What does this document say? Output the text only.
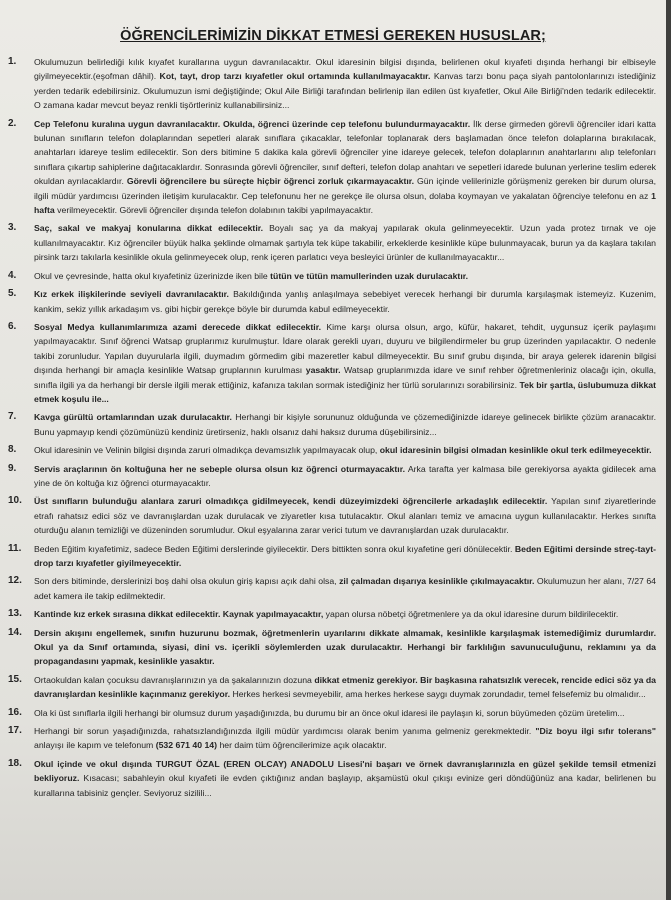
ÖĞRENCİLERİMİZİN DİKKAT ETMESİ GEREKEN HUSUSLAR;
1.	Okulumuzun belirlediği kılık kıyafet kurallarına uygun davranılacaktır. Okul idaresinin bilgisi dışında, belirlenen okul kıyafeti dışında herhangi bir elbiseyle giyilmeyecektir.(eşofman dâhil). Kot, tayt, drop tarzı kıyafetler okul ortamında kullanılmayacaktır. Kanvas tarzı bonu paça siyah pantolonlarınızı istediğiniz yerden tedarik edebilirsiniz. Okulumuzun ismi değiştiğinde; Okul Aile Birliği tarafından belirlenip ilan edilen üst kıyafetler, Okul Aile Birliği'nden tedarik edilecektir. O zamana kadar mevcut beyaz renkli tişörtleriniz kullanabilirsiniz...
2.	Cep Telefonu kuralına uygun davranılacaktır. Okulda, öğrenci üzerinde cep telefonu bulundurmayacaktır. İlk derse girmeden görevli öğrenciler idari katta bulunan sınıfların telefon dolaplarından sepetleri alarak sınıflara çıkacaklar, telefonlar toplanarak ders başlamadan önce telefon dolaplarına bırakılacak, anahtarları idareye teslim edilecektir. Son ders bitimine 5 dakika kala görevli öğrenciler yine idareye gelecek, telefon dolaplarının anahtarlarını alıp telefonları sınıflara çıkartıp sahiplerine dağıtacaklardır. Sonrasında görevli öğrenciler, sınıf defteri, telefon dolap anahtarı ve sepetleri idarede bulunan yerlerine teslim ederek okuldan ayrılacaklardır. Görevli öğrencilere bu süreçte hiçbir öğrenci zorluk çıkarmayacaktır. Gün içinde velilerinizle görüşmeniz gereken bir durum olursa, ilgili müdür yardımcısı üzerinden iletişim kurulacaktır. Cep telefonunu her ne gerekçe ile olursa olsun, dolaba koymayan ve yakalatan öğrenciye telefonu en az 1 hafta verilmeyecektir. Görevli öğrenciler dışında telefon dolabının takibi yapılmayacaktır.
3.	Saç, sakal ve makyaj konularına dikkat edilecektir. Boyalı saç ya da makyaj yapılarak okula gelinmeyecektir. Uzun yada protez tırnak ve oje kullanılmayacaktır. Kız öğrenciler büyük halka şeklinde olmamak şartıyla tek küpe takabilir, erkeklerde kesinlikle küpe bulunmayacak, burun ya da kaşlara takılan pirsink tarzı takılarla kesinlikle okula gelinmeyecek olup, renk içeren parlatıcı veya besleyici ürünler de kullanılmayacaktır...
4.	Okul ve çevresinde, hatta okul kıyafetiniz üzerinizde iken bile tütün ve tütün mamullerinden uzak durulacaktır.
5.	Kız erkek ilişkilerinde seviyeli davranılacaktır. Bakıldığında yanlış anlaşılmaya sebebiyet verecek herhangi bir durumla karşılaşmak istemeyiz. Kuzenim, kankim, sekiz yıllık arkadaşım vs. gibi hiçbir gerekçe böyle bir durumda kabul edilmeyecektir.
6.	Sosyal Medya kullanımlarımıza azami derecede dikkat edilecektir. Kime karşı olursa olsun, argo, küfür, hakaret, tehdit, uygunsuz içerik paylaşımı yapılmayacaktır. Sınıf öğrenci Watsap gruplarımız kurulmuştur. İdare olarak gerekli uyarı, duyuru ve bilgilendirmeler bu grup üzerinden yapılacaktır. O nedenle takibi zorunludur. Yapılan duyurularla ilgili, duymadım görmedim gibi mazeretler kabul dilmeyecektir. Bu sınıf grubu dışında, bir araya gelerek idarenin bilgisi dışında herhangi bir amaçla kesinlikle Watsap gruplarının kurulması yasaktır. Watsap gruplarımızda idare ve sınıf rehber öğretmenleriniz olacağı için, okulla, sınıfla ilgili ya da herhangi bir dersle ilgili merak ettiğiniz, kafanıza takılan sormak istediğiniz her türlü sorularınızı sorabilirsiniz. Tek bir şartla, üslubumuza dikkat etmek koşulu ile...
7.	Kavga gürültü ortamlarından uzak durulacaktır. Herhangi bir kişiyle sorununuz olduğunda ve çözemediğinizde idareye gelinecek birlikte çözüm aranacaktır. Bunu yapmayıp kendi çözümünüzü kendiniz üretirseniz, haklı olsanız dahi haksız duruma düşebilirsiniz...
8.	Okul idaresinin ve Velinin bilgisi dışında zaruri olmadıkça devamsızlık yapılmayacak olup, okul idaresinin bilgisi olmadan kesinlikle okul terk edilmeyecektir.
9.	Servis araçlarının ön koltuğuna her ne sebeple olursa olsun kız öğrenci oturmayacaktır. Arka tarafta yer kalmasa bile gerekiyorsa ayakta gidilecek ama yine de ön koltuğa kız öğrenci oturmayacaktır.
10.	Üst sınıfların bulunduğu alanlara zaruri olmadıkça gidilmeyecek, kendi düzeyimizdeki öğrencilerle arkadaşlık edilecektir. Yapılan sınıf ziyaretlerinde etrafı rahatsız edici söz ve davranışlardan uzak durulacak ve ziyaretler kısa tutulacaktır. Okul alanları temiz ve amacına uygun kullanılacaktır. Herkes sınıfta oturduğu alanın temizliği ve düzeninden sorumludur. Okul eşyalarına zarar verici tutum ve davranışlardan uzak durulacaktır.
11.	Beden Eğitim kıyafetimiz, sadece Beden Eğitimi derslerinde giyilecektir. Ders bittikten sonra okul kıyafetine geri dönülecektir. Beden Eğitimi dersinde streç-tayt-drop tarzı kıyafetler giyilmeyecektir.
12.	Son ders bitiminde, derslerinizi boş dahi olsa okulun giriş kapısı açık dahi olsa, zil çalmadan dışarıya kesinlikle çıkılmayacaktır. Okulumuzun her alanı, 7/27 64 adet kamera ile takip edilmektedir.
13.	Kantinde kız erkek sırasına dikkat edilecektir. Kaynak yapılmayacaktır, yapan olursa nöbetçi öğretmenlere ya da okul idaresine durum bildirilecektir.
14.	Dersin akışını engellemek, sınıfın huzurunu bozmak, öğretmenlerin uyarılarını dikkate almamak, kesinlikle karşılaşmak istemediğimiz durumlardır. Okul ya da Sınıf ortamında, siyasi, dini vs. içerikli söylemlerden uzak durulacaktır. Herhangi bir farklılığın savunuculuğunu, reklamını ya da propagandasını yapmak, kesinlikle yasaktır.
15.	Ortaokuldan kalan çocuksu davranışlarınızın ya da şakalarınızın dozuna dikkat etmeniz gerekiyor. Bir başkasına rahatsızlık verecek, rencide edici söz ya da davranışlardan kesinlikle kaçınmanız gerekiyor. Herkes herkesi sevmeyebilir, ama herkes herkese saygı duymak zorundadır, temel felsefemiz bu olmalıdır...
16.	Ola ki üst sınıflarla ilgili herhangi bir olumsuz durum yaşadığınızda, bu durumu bir an önce okul idaresi ile paylaşın ki, sorun büyümeden çözüm üretelim...
17.	Herhangi bir sorun yaşadığınızda, rahatsızlandığınızda ilgili müdür yardımcısı olarak benim yanıma gelmeniz gerekmektedir. "Diz boyu ilgi sıfır tolerans" anlayışı ile kapım ve telefonum (532 671 40 14) her daim tüm öğrencilerimize açık olacaktır.
18.	Okul içinde ve okul dışında TURGUT ÖZAL (EREN OLCAY) ANADOLU Lisesi'ni başarı ve örnek davranışlarınızla en güzel şekilde temsil etmenizi bekliyoruz. Kısacası; sabahleyin okul kıyafeti ile evden çıktığınız andan başlayıp, akşamüstü okul çıkışı evinize geri döndüğünüz ana kadar, belirlenen bu kurallarına tabisiniz gençler. Seviyoruz sizilili...
